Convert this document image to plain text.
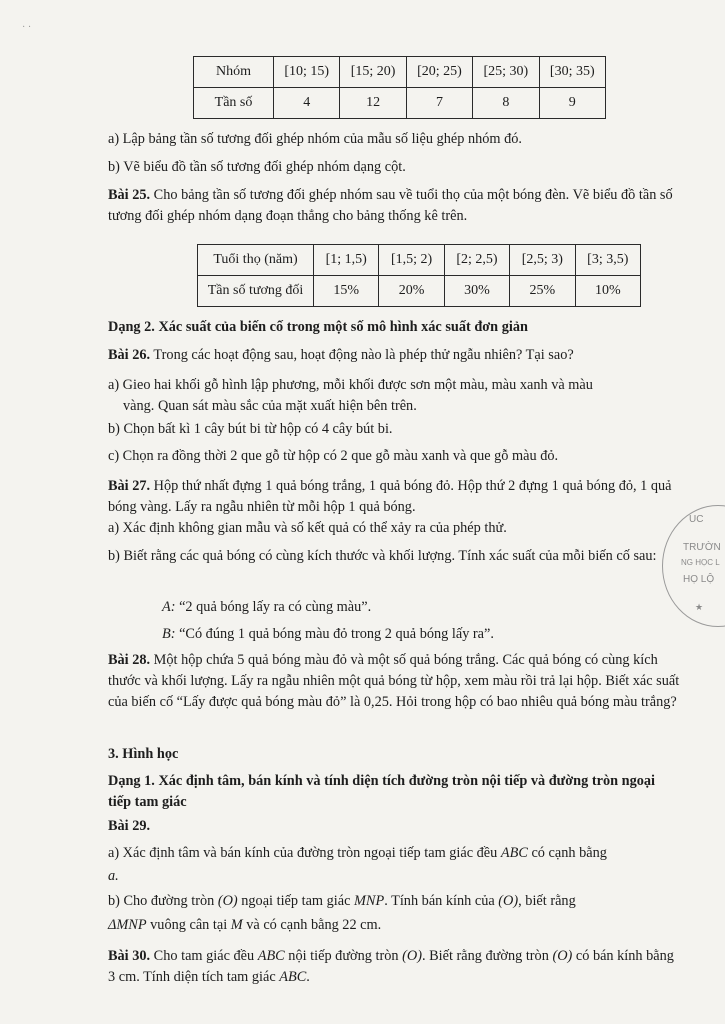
· ·
Nhóm	[10; 15)	[15; 20)	[20; 25)	[25; 30)	[30; 35)
Tần số	4	12	7	8	9
a) Lập bảng tần số tương đối ghép nhóm của mẫu số liệu ghép nhóm đó.
b) Vẽ biểu đồ tần số tương đối ghép nhóm dạng cột.
Bài 25. Cho bảng tần số tương đối ghép nhóm sau về tuổi thọ của một bóng đèn. Vẽ biểu đồ tần số tương đối ghép nhóm dạng đoạn thẳng cho bảng thống kê trên.
Tuổi thọ (năm)	[1; 1,5)	[1,5; 2)	[2; 2,5)	[2,5; 3)	[3; 3,5)
Tần số tương đối	15%	20%	30%	25%	10%
Dạng 2. Xác suất của biến cố trong một số mô hình xác suất đơn giản
Bài 26. Trong các hoạt động sau, hoạt động nào là phép thử ngẫu nhiên? Tại sao?
a) Gieo hai khối gỗ hình lập phương, mỗi khối được sơn một màu, màu xanh và màu
vàng. Quan sát màu sắc của mặt xuất hiện bên trên.
b) Chọn bất kì 1 cây bút bi từ hộp có 4 cây bút bi.
c) Chọn ra đồng thời 2 que gỗ từ hộp có 2 que gỗ màu xanh và que gỗ màu đỏ.
Bài 27. Hộp thứ nhất đựng 1 quả bóng trắng, 1 quả bóng đỏ. Hộp thứ 2 đựng 1 quả bóng đỏ, 1 quả bóng vàng. Lấy ra ngẫu nhiên từ mỗi hộp 1 quả bóng.
a) Xác định không gian mẫu và số kết quả có thể xảy ra của phép thử.
b) Biết rằng các quả bóng có cùng kích thước và khối lượng. Tính xác suất của mỗi biến cố sau:
A: “2 quả bóng lấy ra có cùng màu”.
B: “Có đúng 1 quả bóng màu đỏ trong 2 quả bóng lấy ra”.
Bài 28. Một hộp chứa 5 quả bóng màu đỏ và một số quả bóng trắng. Các quả bóng có cùng kích thước và khối lượng. Lấy ra ngẫu nhiên một quả bóng từ hộp, xem màu rồi trả lại hộp. Biết xác suất của biến cố “Lấy được quả bóng màu đỏ” là 0,25. Hỏi trong hộp có bao nhiêu quả bóng màu trắng?
3. Hình học
Dạng 1. Xác định tâm, bán kính và tính diện tích đường tròn nội tiếp và đường tròn ngoại tiếp tam giác
Bài 29.
a) Xác định tâm và bán kính của đường tròn ngoại tiếp tam giác đều ABC có cạnh bằng
a.
b) Cho đường tròn (O) ngoại tiếp tam giác MNP. Tính bán kính của (O), biết rằng
ΔMNP vuông cân tại M và có cạnh bằng 22 cm.
Bài 30. Cho tam giác đều ABC nội tiếp đường tròn (O). Biết rằng đường tròn (O) có bán kính bằng 3 cm. Tính diện tích tam giác ABC.
UC
TRƯỜN
NG HỌC L
HỌ LỘ
★
